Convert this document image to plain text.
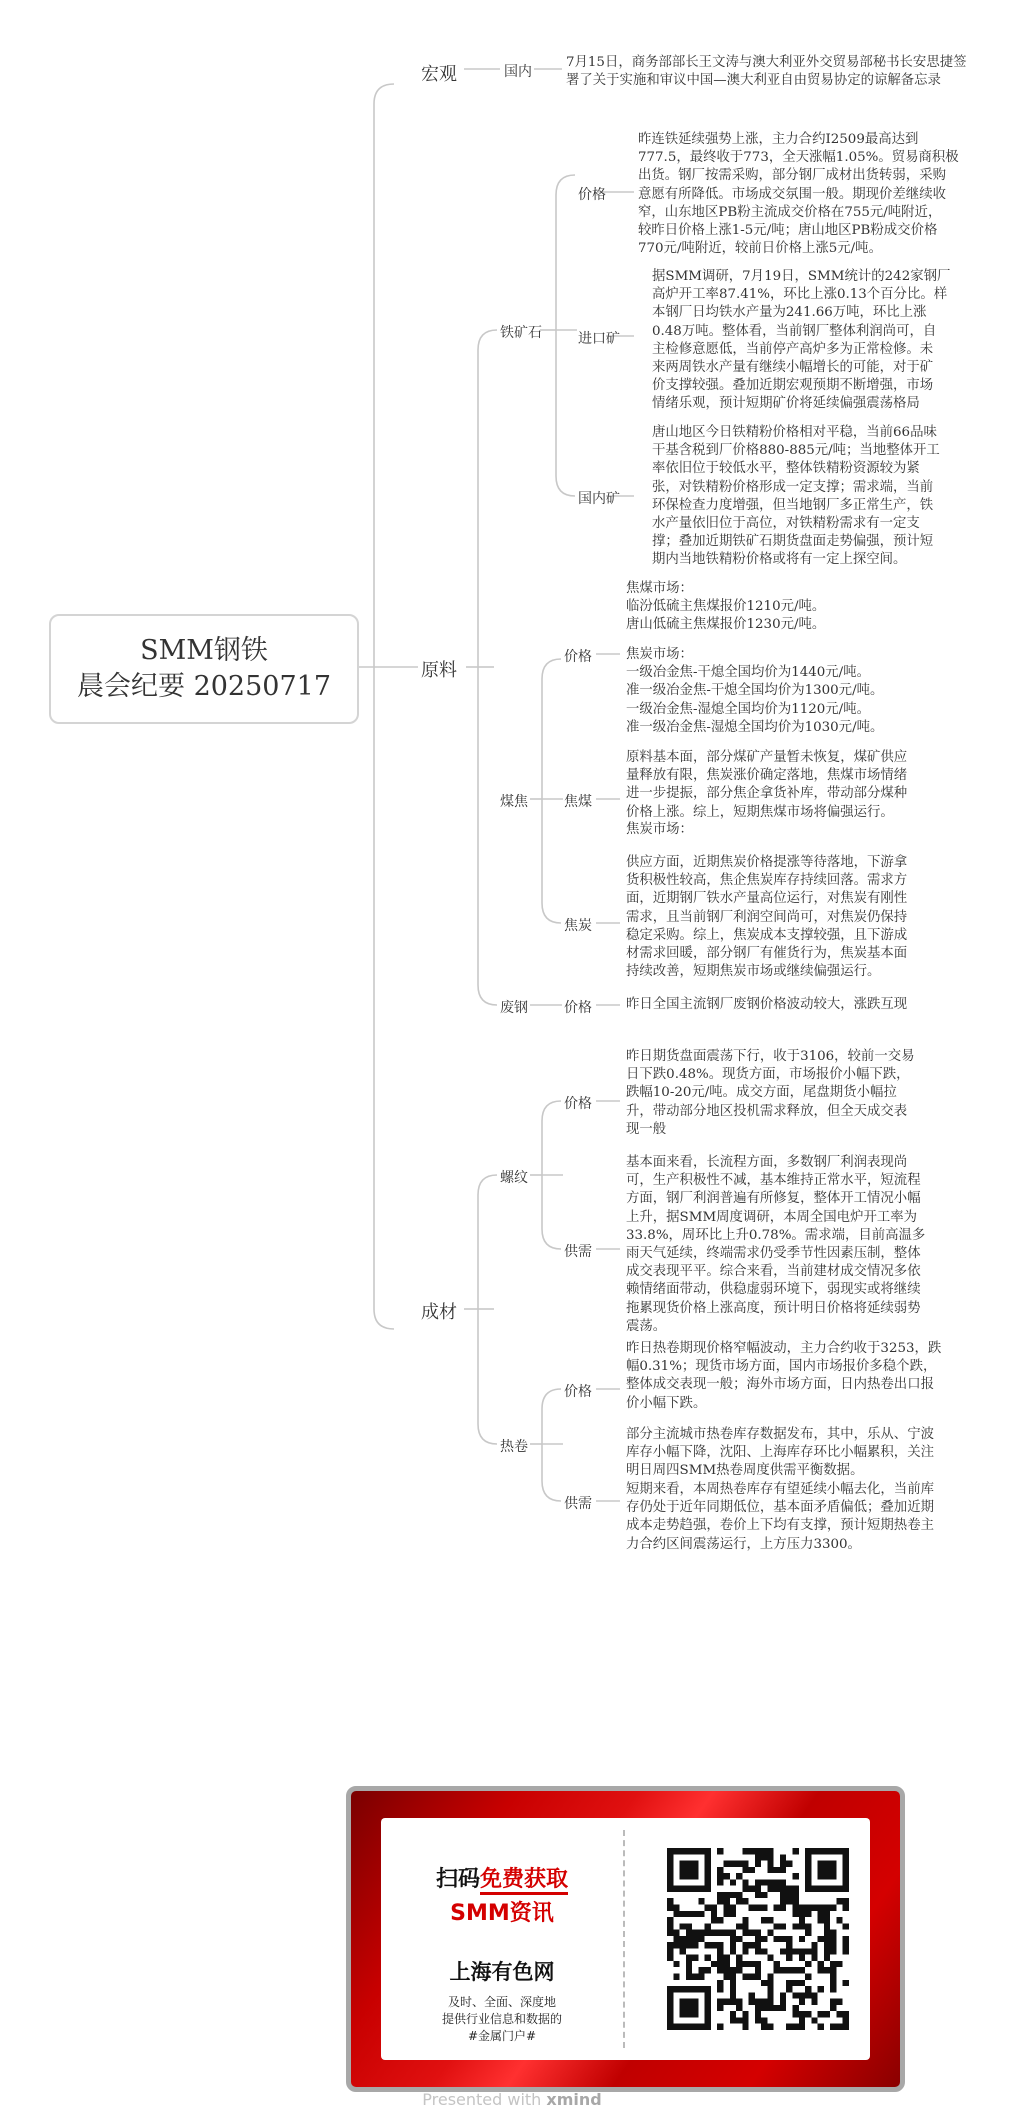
SMM钢铁
晨会纪要 20250717
宏观
原料
成材
国内
7月15日，商务部部长王文涛与澳大利亚外交贸易部秘书长安思捷签
署了关于实施和审议中国—澳大利亚自由贸易协定的谅解备忘录
铁矿石
煤焦
废钢
价格
昨连铁延续强势上涨，主力合约I2509最高达到
777.5，最终收于773，全天涨幅1.05%。贸易商积极
出货。钢厂按需采购，部分钢厂成材出货转弱，采购
意愿有所降低。市场成交氛围一般。期现价差继续收
窄，山东地区PB粉主流成交价格在755元/吨附近，
较昨日价格上涨1-5元/吨；唐山地区PB粉成交价格
770元/吨附近，较前日价格上涨5元/吨。
进口矿
据SMM调研，7月19日，SMM统计的242家钢厂
高炉开工率87.41%，环比上涨0.13个百分比。样
本钢厂日均铁水产量为241.66万吨，环比上涨
0.48万吨。整体看，当前钢厂整体利润尚可，自
主检修意愿低，当前停产高炉多为正常检修。未
来两周铁水产量有继续小幅增长的可能，对于矿
价支撑较强。叠加近期宏观预期不断增强，市场
情绪乐观，预计短期矿价将延续偏强震荡格局
国内矿
唐山地区今日铁精粉价格相对平稳，当前66品味
干基含税到厂价格880-885元/吨；当地整体开工
率依旧位于较低水平，整体铁精粉资源较为紧
张，对铁精粉价格形成一定支撑；需求端，当前
环保检查力度增强，但当地钢厂多正常生产，铁
水产量依旧位于高位，对铁精粉需求有一定支
撑；叠加近期铁矿石期货盘面走势偏强，预计短
期内当地铁精粉价格或将有一定上探空间。
价格
焦煤市场：
临汾低硫主焦煤报价1210元/吨。
唐山低硫主焦煤报价1230元/吨。
焦炭市场：
一级冶金焦-干熄全国均价为1440元/吨。
准一级冶金焦-干熄全国均价为1300元/吨。
一级冶金焦-湿熄全国均价为1120元/吨。
准一级冶金焦-湿熄全国均价为1030元/吨。
焦煤
原料基本面，部分煤矿产量暂未恢复，煤矿供应
量释放有限，焦炭涨价确定落地，焦煤市场情绪
进一步提振，部分焦企拿货补库，带动部分煤种
价格上涨。综上，短期焦煤市场将偏强运行。
焦炭
焦炭市场：
供应方面，近期焦炭价格提涨等待落地，下游拿
货积极性较高，焦企焦炭库存持续回落。需求方
面，近期钢厂铁水产量高位运行，对焦炭有刚性
需求，且当前钢厂利润空间尚可，对焦炭仍保持
稳定采购。综上，焦炭成本支撑较强，且下游成
材需求回暖，部分钢厂有催货行为，焦炭基本面
持续改善，短期焦炭市场或继续偏强运行。
价格	昨日全国主流钢厂废钢价格波动较大，涨跌互现
螺纹
热卷
价格
昨日期货盘面震荡下行，收于3106，较前一交易
日下跌0.48%。现货方面，市场报价小幅下跌，
跌幅10-20元/吨。成交方面，尾盘期货小幅拉
升，带动部分地区投机需求释放，但全天成交表
现一般
供需
基本面来看，长流程方面，多数钢厂利润表现尚
可，生产积极性不减，基本维持正常水平，短流程
方面，钢厂利润普遍有所修复，整体开工情况小幅
上升，据SMM周度调研，本周全国电炉开工率为
33.8%，周环比上升0.78%。需求端，目前高温多
雨天气延续，终端需求仍受季节性因素压制，整体
成交表现平平。综合来看，当前建材成交情况多依
赖情绪面带动，供稳虚弱环境下，弱现实或将继续
拖累现货价格上涨高度，预计明日价格将延续弱势
震荡。
价格
昨日热卷期现价格窄幅波动，主力合约收于3253，跌
幅0.31%；现货市场方面，国内市场报价多稳个跌，
整体成交表现一般；海外市场方面，日内热卷出口报
价小幅下跌。
供需
部分主流城市热卷库存数据发布，其中，乐从、宁波
库存小幅下降，沈阳、上海库存环比小幅累积，关注
明日周四SMM热卷周度供需平衡数据。
短期来看，本周热卷库存有望延续小幅去化，当前库
存仍处于近年同期低位，基本面矛盾偏低；叠加近期
成本走势趋强，卷价上下均有支撑，预计短期热卷主
力合约区间震荡运行，上方压力3300。
扫码免费获取
SMM资讯
上海有色网
及时、全面、深度地
提供行业信息和数据的
#金属门户#
Presented with xmind
